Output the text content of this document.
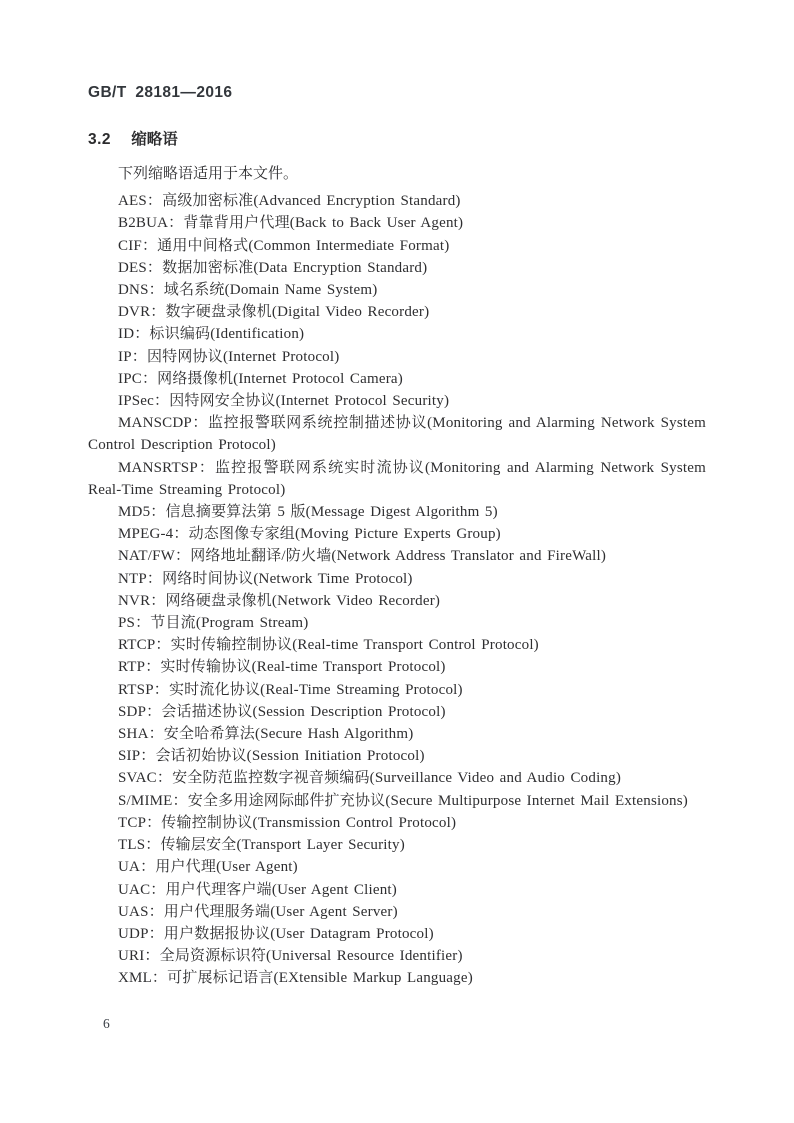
GB/T 28181—2016
3.2 缩略语

下列缩略语适用于本文件。

AES：高级加密标准(Advanced Encryption Standard)

B2BUA：背靠背用户代理(Back to Back User Agent)

CIF：通用中间格式(Common Intermediate Format)

DES：数据加密标准(Data Encryption Standard)

DNS：域名系统(Domain Name System)

DVR：数字硬盘录像机(Digital Video Recorder)

ID：标识编码(Identification)

IP：因特网协议(Internet Protocol)

IPC：网络摄像机(Internet Protocol Camera)

IPSec：因特网安全协议(Internet Protocol Security)

MANSCDP：监控报警联网系统控制描述协议(Monitoring and Alarming Network System Control Description Protocol)

MANSRTSP：监控报警联网系统实时流协议(Monitoring and Alarming Network System Real-Time Streaming Protocol)

MD5：信息摘要算法第 5 版(Message Digest Algorithm 5)

MPEG-4：动态图像专家组(Moving Picture Experts Group)

NAT/FW：网络地址翻译/防火墙(Network Address Translator and FireWall)

NTP：网络时间协议(Network Time Protocol)

NVR：网络硬盘录像机(Network Video Recorder)

PS：节目流(Program Stream)

RTCP：实时传输控制协议(Real-time Transport Control Protocol)

RTP：实时传输协议(Real-time Transport Protocol)

RTSP：实时流化协议(Real-Time Streaming Protocol)

SDP：会话描述协议(Session Description Protocol)

SHA：安全哈希算法(Secure Hash Algorithm)

SIP：会话初始协议(Session Initiation Protocol)

SVAC：安全防范监控数字视音频编码(Surveillance Video and Audio Coding)

S/MIME：安全多用途网际邮件扩充协议(Secure Multipurpose Internet Mail Extensions)

TCP：传输控制协议(Transmission Control Protocol)

TLS：传输层安全(Transport Layer Security)

UA：用户代理(User Agent)

UAC：用户代理客户端(User Agent Client)

UAS：用户代理服务端(User Agent Server)

UDP：用户数据报协议(User Datagram Protocol)

URI：全局资源标识符(Universal Resource Identifier)

XML：可扩展标记语言(EXtensible Markup Language)

6
